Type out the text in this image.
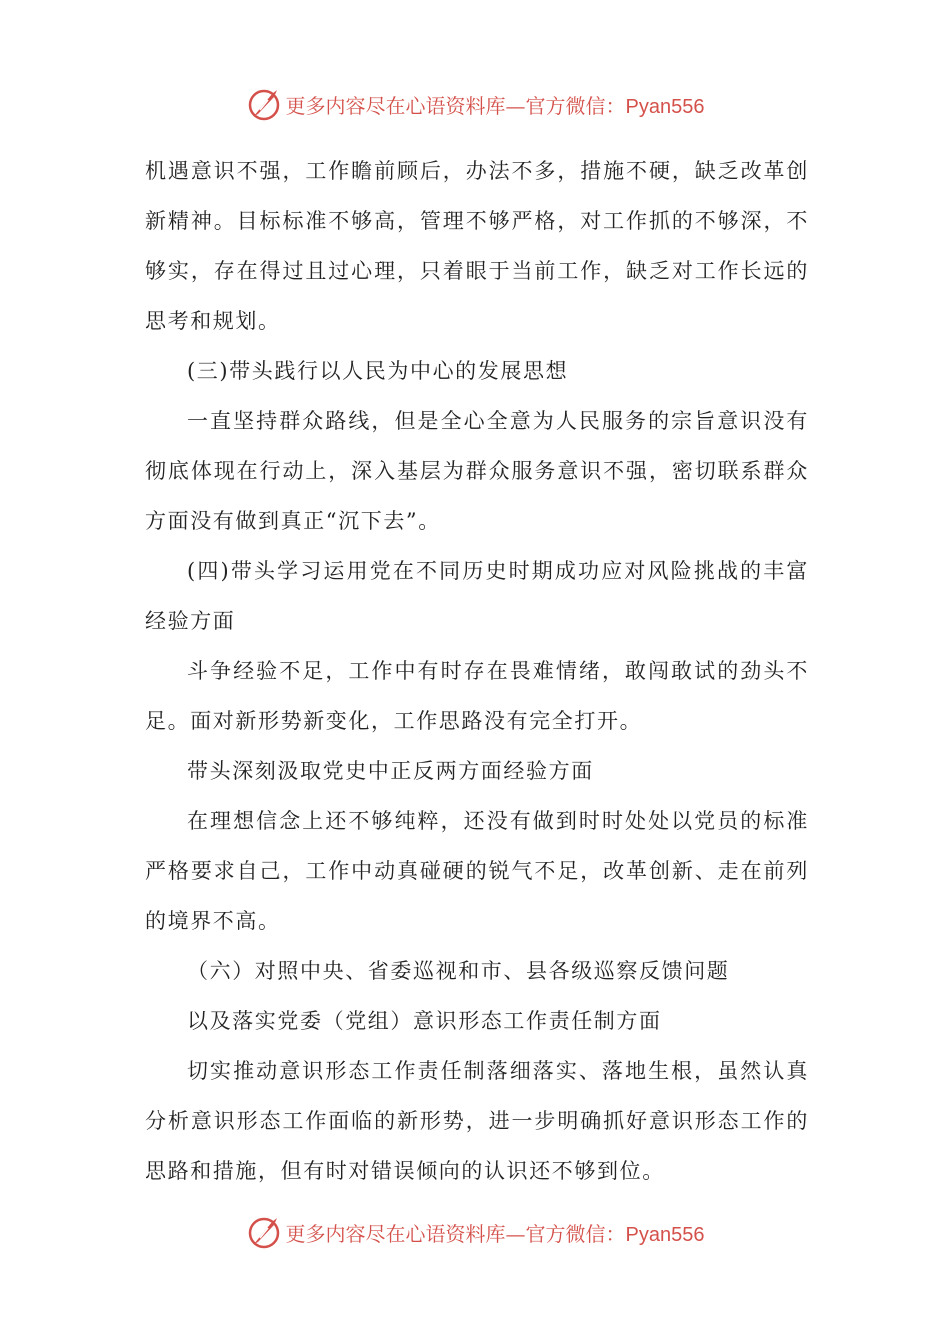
更多内容尽在心语资料库—官方微信：Pyan556

机遇意识不强，工作瞻前顾后，办法不多，措施不硬，缺乏改革创新精神。目标标准不够高，管理不够严格，对工作抓的不够深，不够实，存在得过且过心理，只着眼于当前工作，缺乏对工作长远的思考和规划。

(三)带头践行以人民为中心的发展思想

一直坚持群众路线，但是全心全意为人民服务的宗旨意识没有彻底体现在行动上，深入基层为群众服务意识不强，密切联系群众方面没有做到真正“沉下去”。

(四)带头学习运用党在不同历史时期成功应对风险挑战的丰富经验方面

斗争经验不足，工作中有时存在畏难情绪，敢闯敢试的劲头不足。面对新形势新变化，工作思路没有完全打开。

带头深刻汲取党史中正反两方面经验方面

在理想信念上还不够纯粹，还没有做到时时处处以党员的标准严格要求自己，工作中动真碰硬的锐气不足，改革创新、走在前列的境界不高。

（六）对照中央、省委巡视和市、县各级巡察反馈问题

以及落实党委（党组）意识形态工作责任制方面

切实推动意识形态工作责任制落细落实、落地生根，虽然认真分析意识形态工作面临的新形势，进一步明确抓好意识形态工作的思路和措施，但有时对错误倾向的认识还不够到位。

更多内容尽在心语资料库—官方微信：Pyan556
